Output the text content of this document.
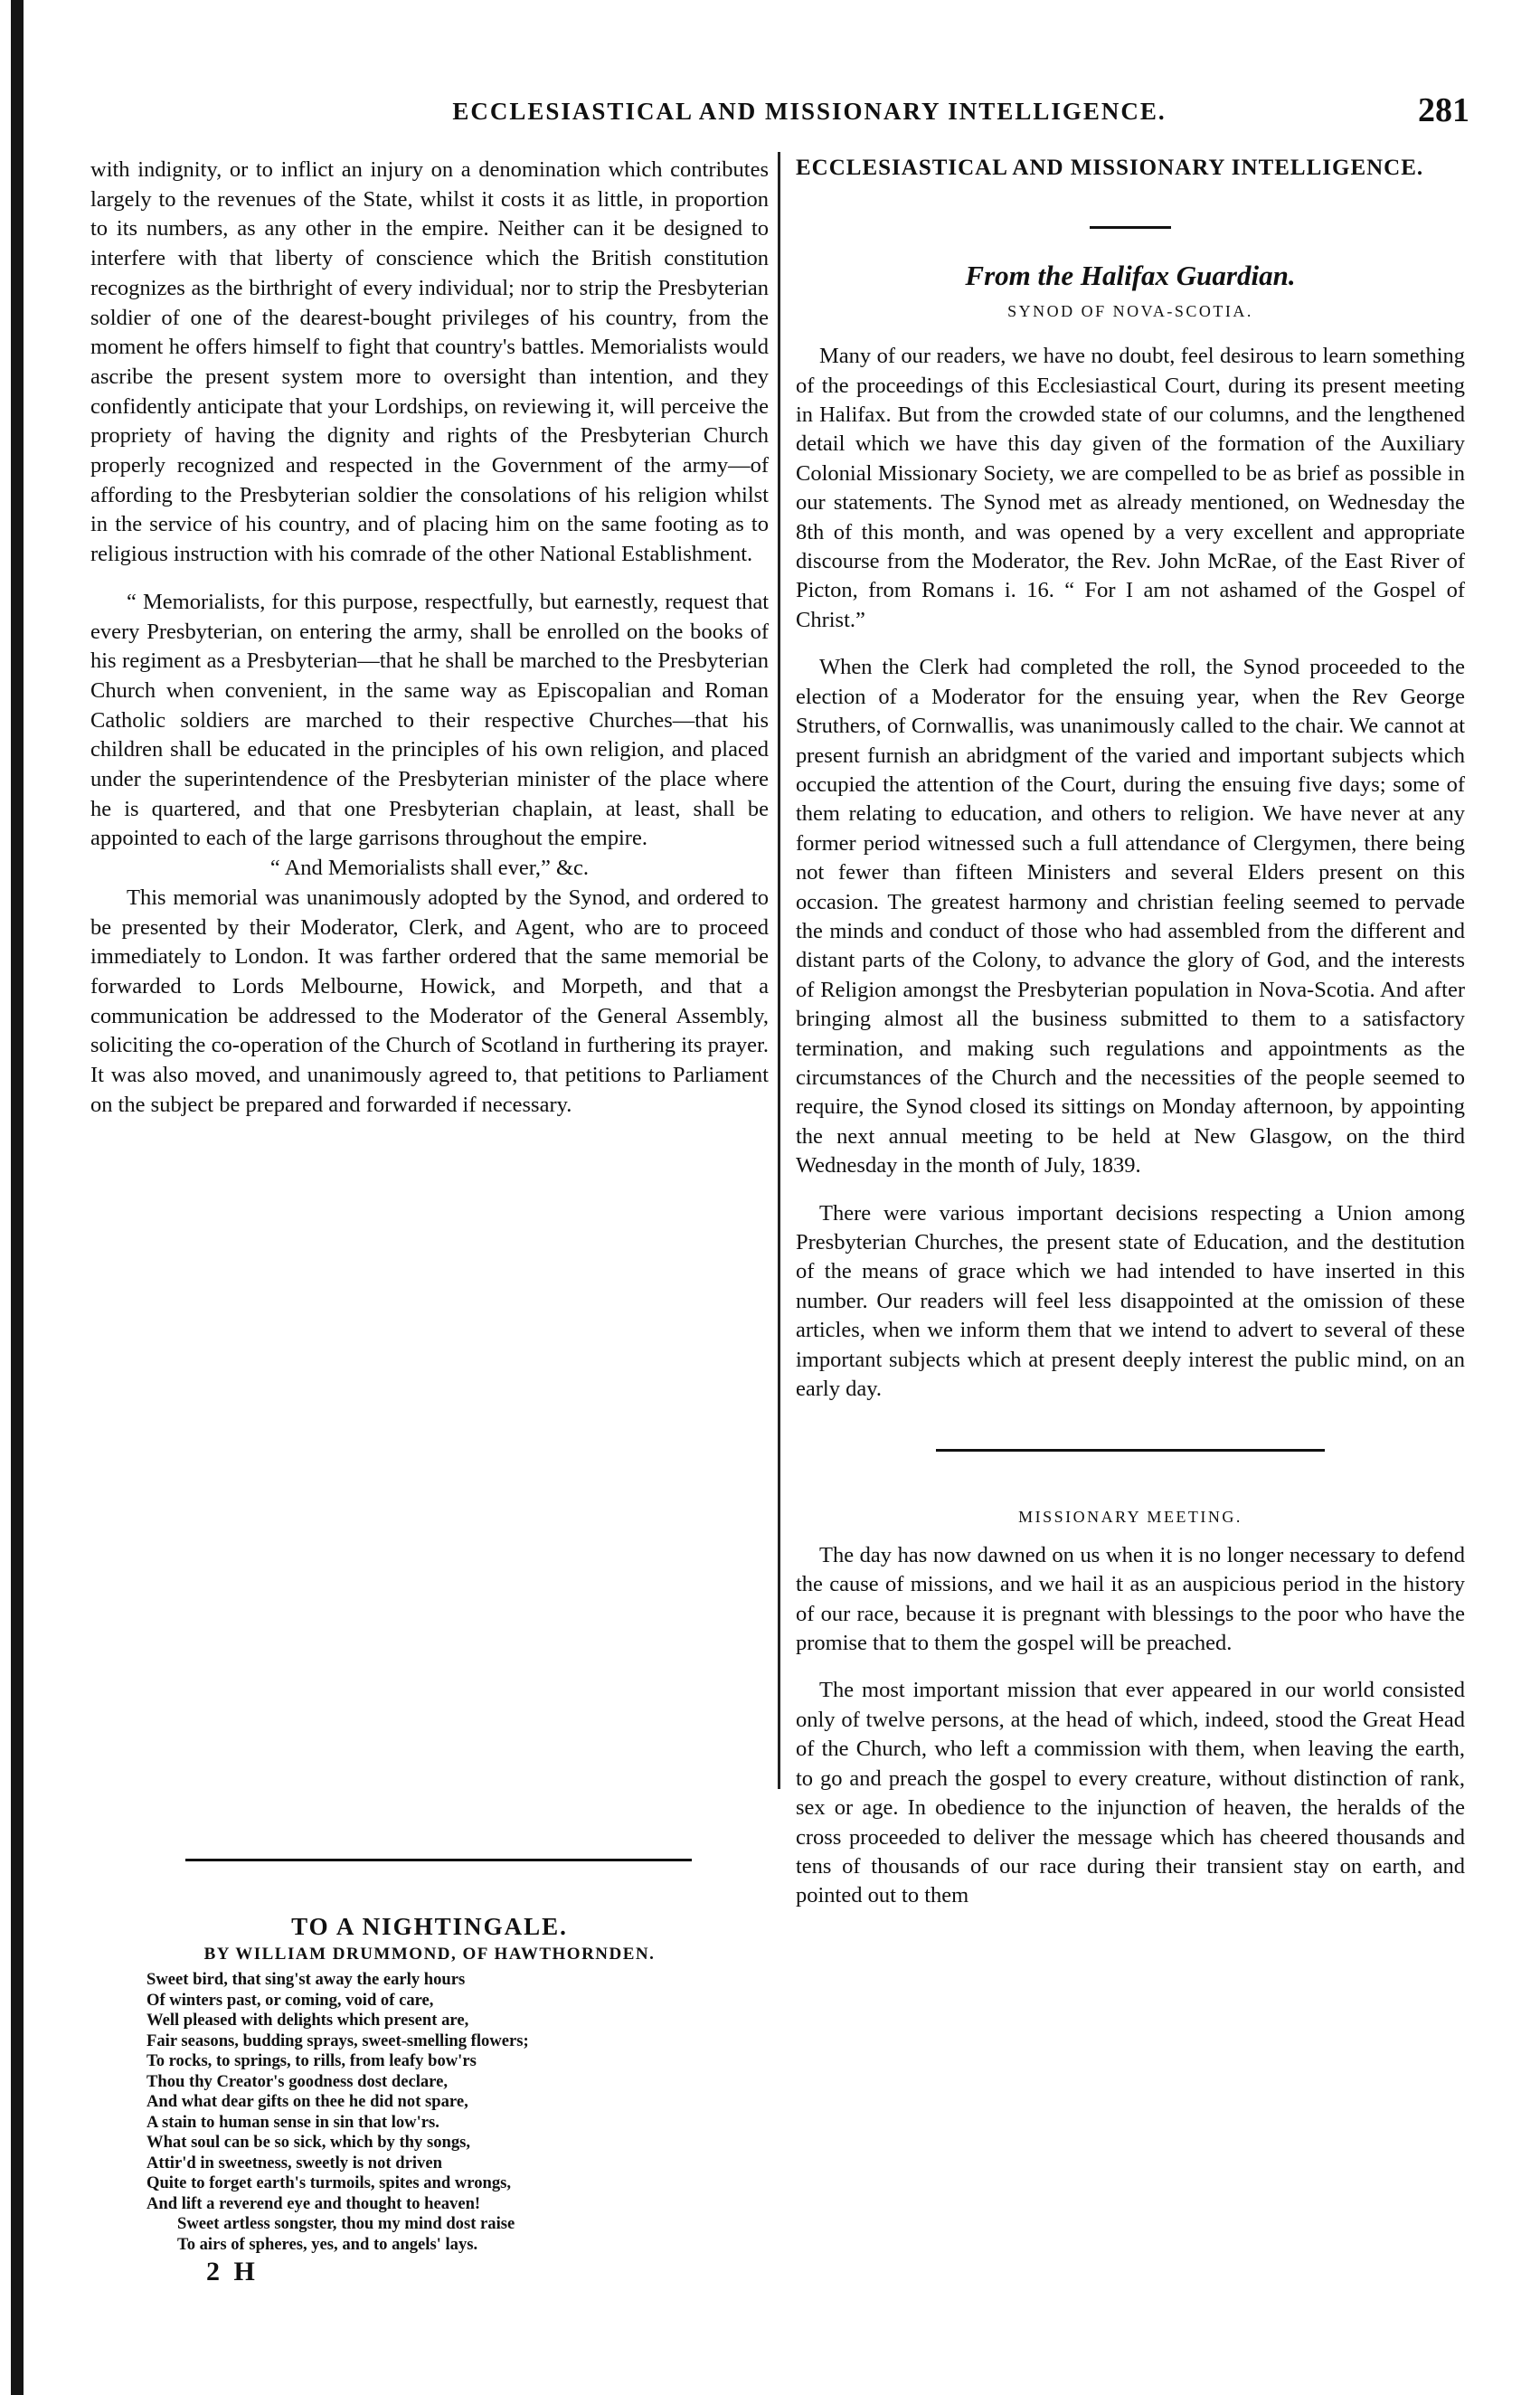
ECCLESIASTICAL AND MISSIONARY INTELLIGENCE.	281

with indignity, or to inflict an injury on a denomination which contributes largely to the revenues of the State, whilst it costs it as little, in proportion to its numbers, as any other in the empire. Neither can it be designed to interfere with that liberty of conscience which the British constitution recognizes as the birthright of every individual; nor to strip the Presbyterian soldier of one of the dearest-bought privileges of his country, from the moment he offers himself to fight that country's battles. Memorialists would ascribe the present system more to oversight than intention, and they confidently anticipate that your Lordships, on reviewing it, will perceive the propriety of having the dignity and rights of the Presbyterian Church properly recognized and respected in the Government of the army—of affording to the Presbyterian soldier the consolations of his religion whilst in the service of his country, and of placing him on the same footing as to religious instruction with his comrade of the other National Establishment.

“ Memorialists, for this purpose, respectfully, but earnestly, request that every Presbyterian, on entering the army, shall be enrolled on the books of his regiment as a Presbyterian—that he shall be marched to the Presbyterian Church when convenient, in the same way as Episcopalian and Roman Catholic soldiers are marched to their respective Churches—that his children shall be educated in the principles of his own religion, and placed under the superintendence of the Presbyterian minister of the place where he is quartered, and that one Presbyterian chaplain, at least, shall be appointed to each of the large garrisons throughout the empire.

“ And Memorialists shall ever,” &c.

This memorial was unanimously adopted by the Synod, and ordered to be presented by their Moderator, Clerk, and Agent, who are to proceed immediately to London. It was farther ordered that the same memorial be forwarded to Lords Melbourne, Howick, and Morpeth, and that a communication be addressed to the Moderator of the General Assembly, soliciting the co-operation of the Church of Scotland in furthering its prayer. It was also moved, and unanimously agreed to, that petitions to Parliament on the subject be prepared and forwarded if necessary.

TO A NIGHTINGALE.
BY WILLIAM DRUMMOND, OF HAWTHORNDEN.
Sweet bird, that sing'st away the early hours
Of winters past, or coming, void of care,
Well pleased with delights which present are,
Fair seasons, budding sprays, sweet-smelling flowers;
To rocks, to springs, to rills, from leafy bow'rs
Thou thy Creator's goodness dost declare,
And what dear gifts on thee he did not spare,
A stain to human sense in sin that low'rs.
What soul can be so sick, which by thy songs,
Attir'd in sweetness, sweetly is not driven
Quite to forget earth's turmoils, spites and wrongs,
And lift a reverend eye and thought to heaven!
Sweet artless songster, thou my mind dost raise
To airs of spheres, yes, and to angels' lays.
2 H
ECCLESIASTICAL AND MISSIONARY INTELLIGENCE.
From the Halifax Guardian.
SYNOD OF NOVA-SCOTIA.

Many of our readers, we have no doubt, feel desirous to learn something of the proceedings of this Ecclesiastical Court, during its present meeting in Halifax. But from the crowded state of our columns, and the lengthened detail which we have this day given of the formation of the Auxiliary Colonial Missionary Society, we are compelled to be as brief as possible in our statements. The Synod met as already mentioned, on Wednesday the 8th of this month, and was opened by a very excellent and appropriate discourse from the Moderator, the Rev. John McRae, of the East River of Picton, from Romans i. 16. “ For I am not ashamed of the Gospel of Christ.”

When the Clerk had completed the roll, the Synod proceeded to the election of a Moderator for the ensuing year, when the Rev George Struthers, of Cornwallis, was unanimously called to the chair. We cannot at present furnish an abridgment of the varied and important subjects which occupied the attention of the Court, during the ensuing five days; some of them relating to education, and others to religion. We have never at any former period witnessed such a full attendance of Clergymen, there being not fewer than fifteen Ministers and several Elders present on this occasion. The greatest harmony and christian feeling seemed to pervade the minds and conduct of those who had assembled from the different and distant parts of the Colony, to advance the glory of God, and the interests of Religion amongst the Presbyterian population in Nova-Scotia. And after bringing almost all the business submitted to them to a satisfactory termination, and making such regulations and appointments as the circumstances of the Church and the necessities of the people seemed to require, the Synod closed its sittings on Monday afternoon, by appointing the next annual meeting to be held at New Glasgow, on the third Wednesday in the month of July, 1839.

There were various important decisions respecting a Union among Presbyterian Churches, the present state of Education, and the destitution of the means of grace which we had intended to have inserted in this number. Our readers will feel less disappointed at the omission of these articles, when we inform them that we intend to advert to several of these important subjects which at present deeply interest the public mind, on an early day.

MISSIONARY MEETING.

The day has now dawned on us when it is no longer necessary to defend the cause of missions, and we hail it as an auspicious period in the history of our race, because it is pregnant with blessings to the poor who have the promise that to them the gospel will be preached.

The most important mission that ever appeared in our world consisted only of twelve persons, at the head of which, indeed, stood the Great Head of the Church, who left a commission with them, when leaving the earth, to go and preach the gospel to every creature, without distinction of rank, sex or age. In obedience to the injunction of heaven, the heralds of the cross proceeded to deliver the message which has cheered thousands and tens of thousands of our race during their transient stay on earth, and pointed out to them
